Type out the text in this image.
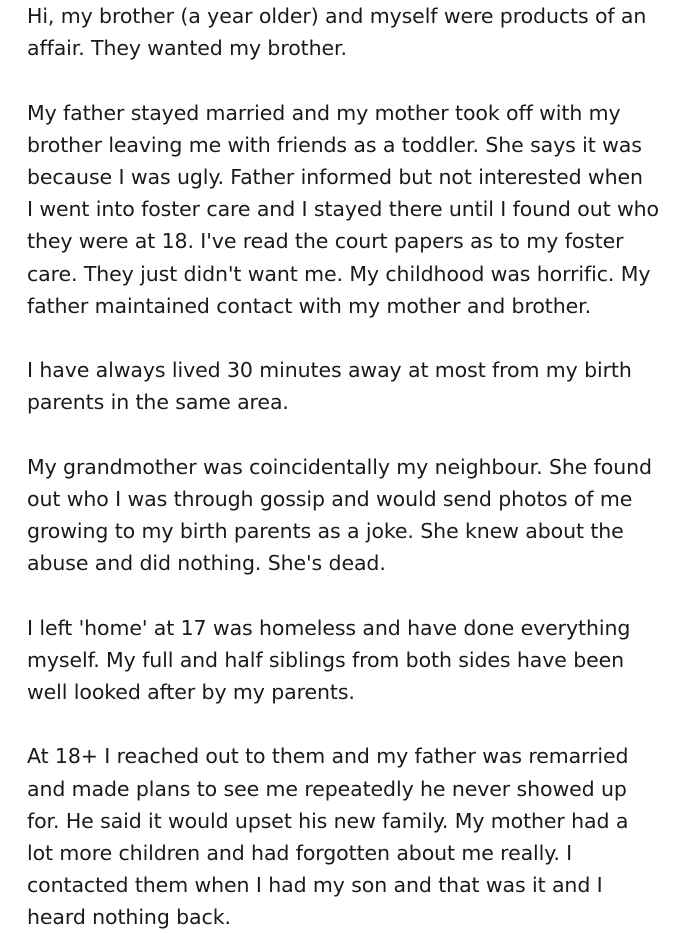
Hi, my brother (a year older) and myself were products of an
affair. They wanted my brother.
My father stayed married and my mother took off with my
brother leaving me with friends as a toddler. She says it was
because I was ugly. Father informed but not interested when
I went into foster care and I stayed there until I found out who
they were at 18. I've read the court papers as to my foster
care. They just didn't want me. My childhood was horrific. My
father maintained contact with my mother and brother.
I have always lived 30 minutes away at most from my birth
parents in the same area.
My grandmother was coincidentally my neighbour. She found
out who I was through gossip and would send photos of me
growing to my birth parents as a joke. She knew about the
abuse and did nothing. She's dead.
I left 'home' at 17 was homeless and have done everything
myself. My full and half siblings from both sides have been
well looked after by my parents.
At 18+ I reached out to them and my father was remarried
and made plans to see me repeatedly he never showed up
for. He said it would upset his new family. My mother had a
lot more children and had forgotten about me really. I
contacted them when I had my son and that was it and I
heard nothing back.
